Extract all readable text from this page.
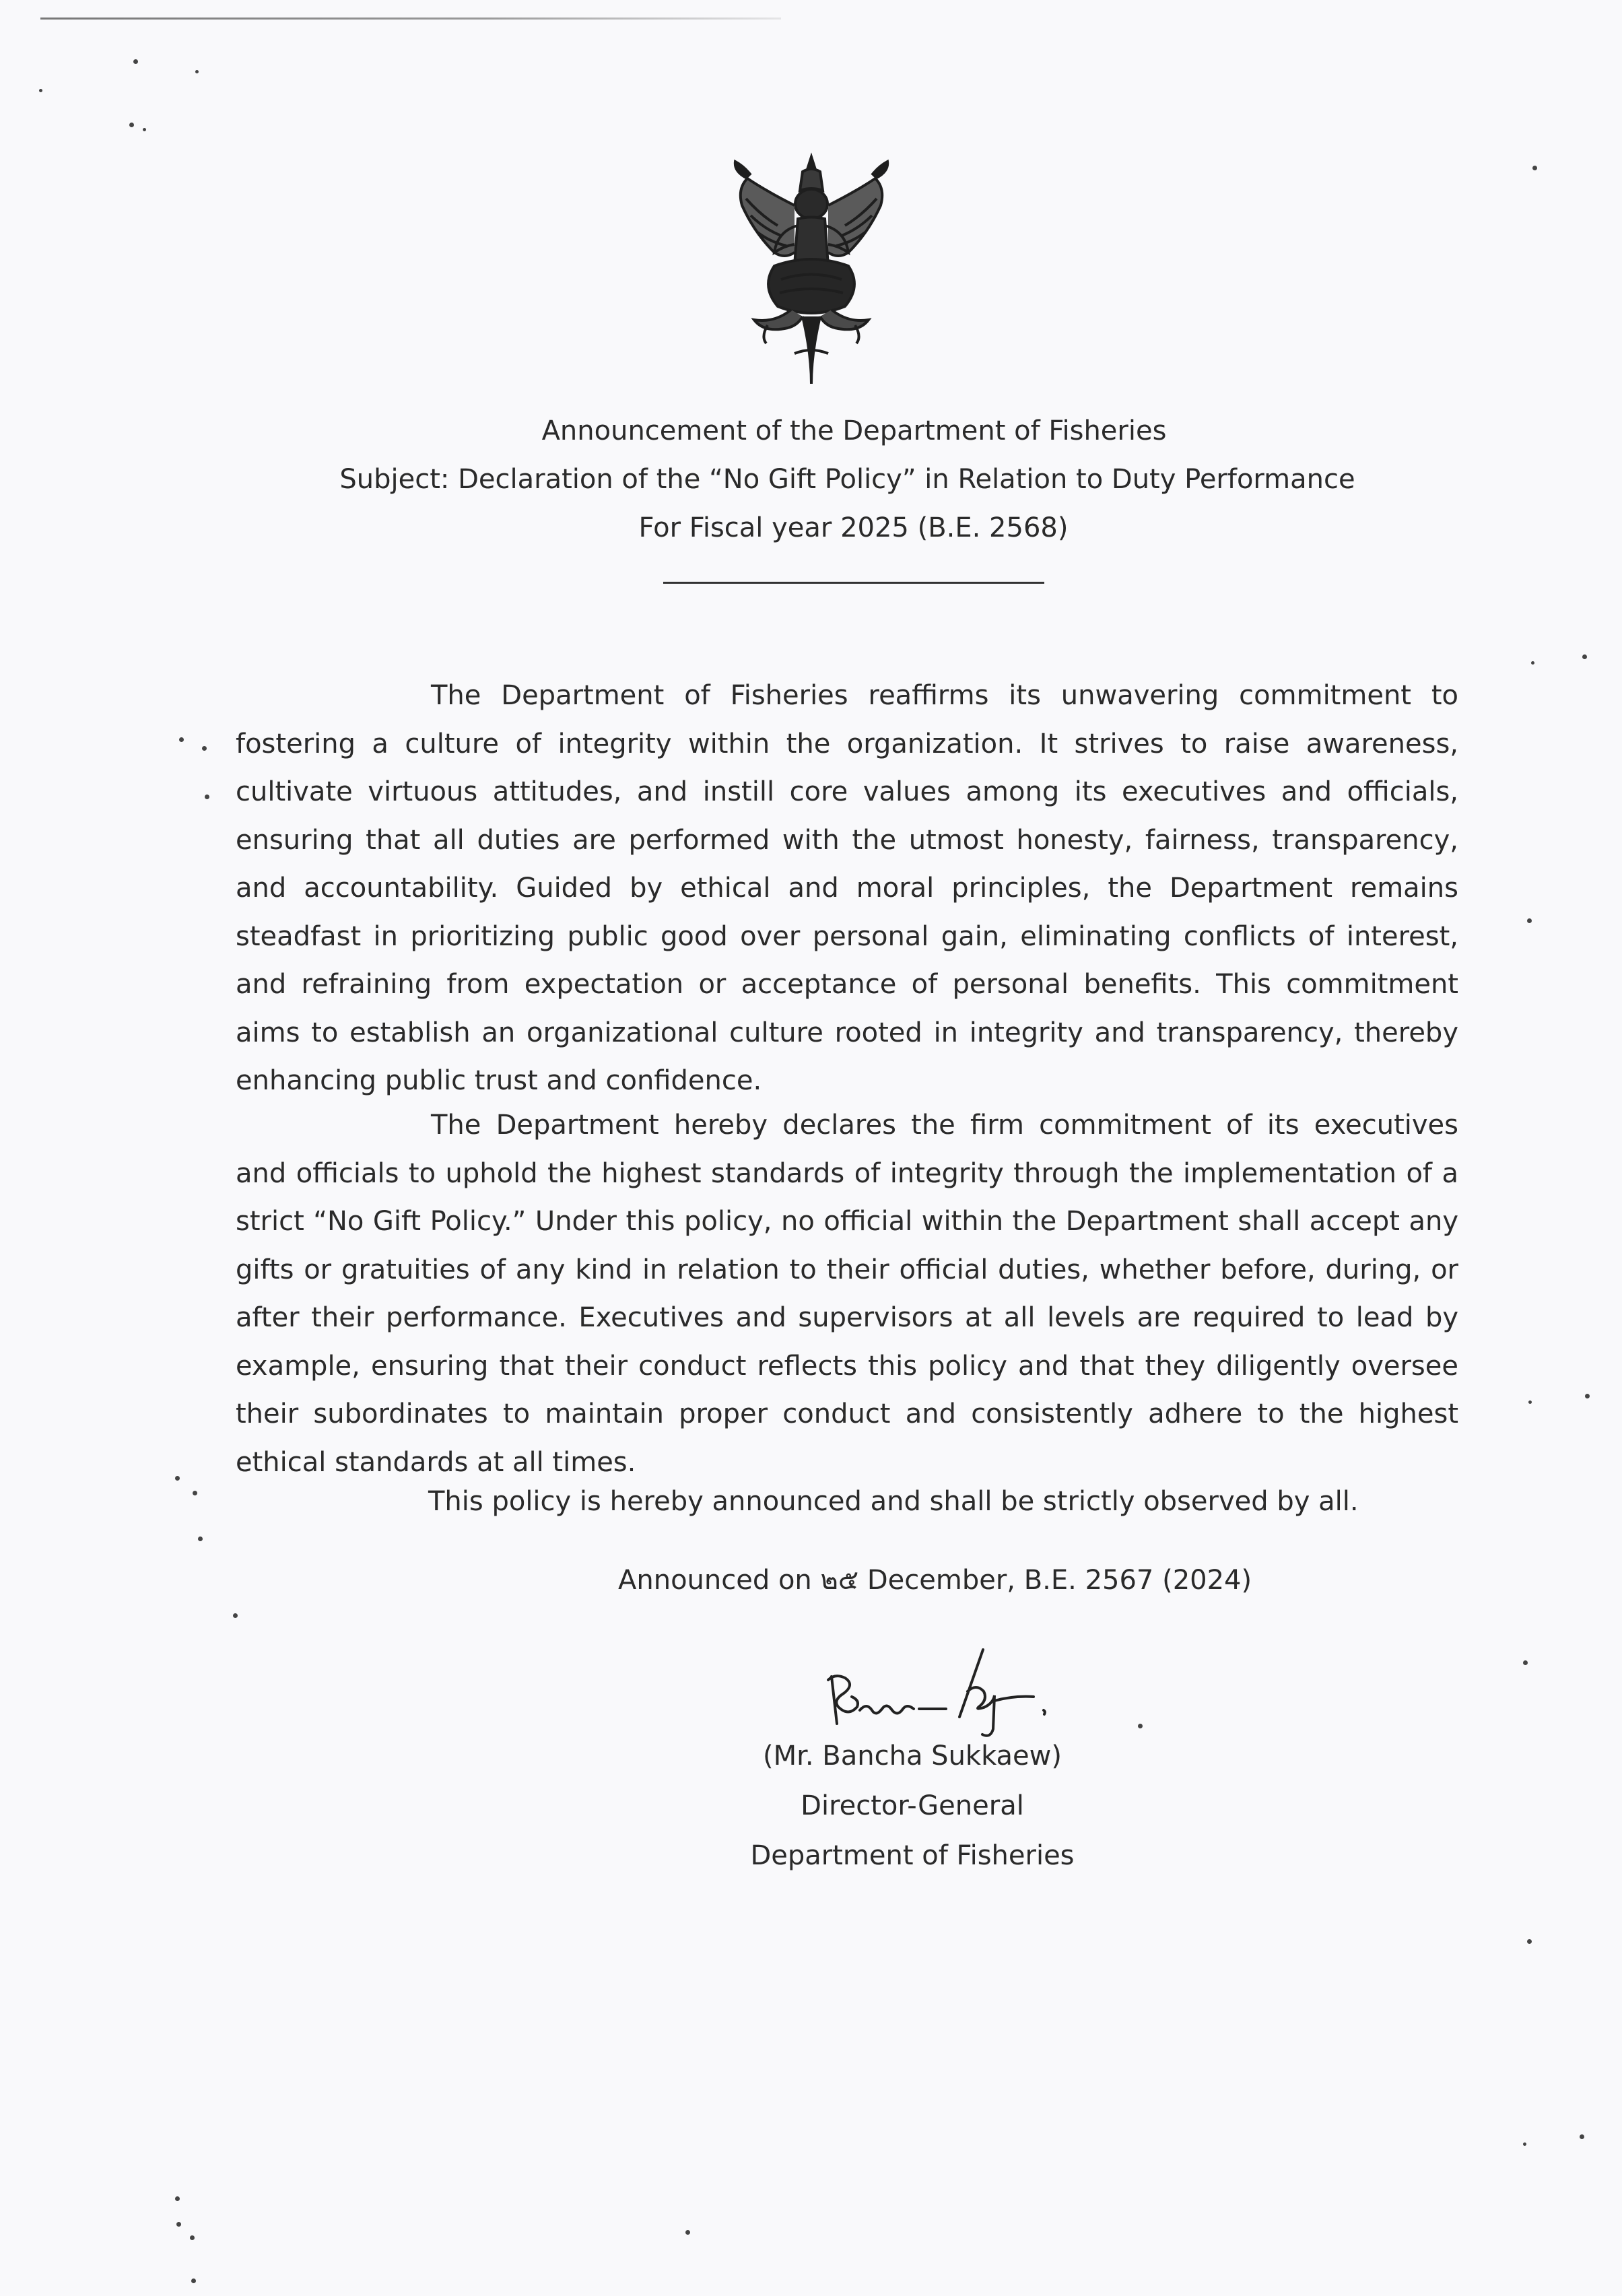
Announcement of the Department of Fisheries
Subject: Declaration of the “No Gift Policy” in Relation to Duty Performance
For Fiscal year 2025 (B.E. 2568)

The Department of Fisheries reaffirms its unwavering commitment to fostering a culture of integrity within the organization. It strives to raise awareness, cultivate virtuous attitudes, and instill core values among its executives and officials, ensuring that all duties are performed with the utmost honesty, fairness, transparency, and accountability. Guided by ethical and moral principles, the Department remains steadfast in prioritizing public good over personal gain, eliminating conflicts of interest, and refraining from expectation or acceptance of personal benefits. This commitment aims to establish an organizational culture rooted in integrity and transparency, thereby enhancing public trust and confidence.

The Department hereby declares the firm commitment of its executives and officials to uphold the highest standards of integrity through the implementation of a strict “No Gift Policy.” Under this policy, no official within the Department shall accept any gifts or gratuities of any kind in relation to their official duties, whether before, during, or after their performance. Executives and supervisors at all levels are required to lead by example, ensuring that their conduct reflects this policy and that they diligently oversee their subordinates to maintain proper conduct and consistently adhere to the highest ethical standards at all times.

This policy is hereby announced and shall be strictly observed by all.
Announced on ๒๕ December, B.E. 2567 (2024)
(Mr. Bancha Sukkaew)
Director-General
Department of Fisheries
